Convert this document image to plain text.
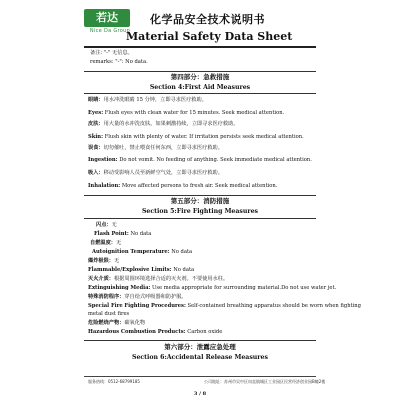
若达
Nice Da Group
化学品安全技术说明书
Material Safety Data Sheet
备注: "-" 无信息。
remarks: "-": No data.
第四部分：急救措施
Section 4:First Aid Measures
眼睛：用水冲洗眼睛 15 分钟，立即寻求医疗救助。
Eyes: Flush eyes with clean water for 15 minutes. Seek medical attention.
皮肤：用大量的水冲洗皮肤。如果刺激持续，立即寻求医疗救助。
Skin: Flush skin with plenty of water. If irritation persists seek medical attention.
误食：切勿催吐，禁止喂食任何东西，立即寻求医疗救助。
Ingestion: Do not vomit. No feeding of anything. Seek immediate medical attention.
吸入：移动受影响人员至新鲜空气处，立即寻求医疗救助。
Inhalation: Move affected persons to fresh air. Seek medical attention.
第五部分：消防措施
Section 5:Fire Fighting Measures
闪点：无
Flash Point: No data
自燃温度：无
Autoignition Temperature: No data
爆炸极限：无
Flammable/Explosive Limits: No data
灭火介质：根据周围环境选择合适的灭火剂。不要使用水柱。
Extinguishing Media: Use media appropriate for surrounding material.Do not use water jet.
特殊消防程序：穿自给式呼吸器和防护服。
Special Fire Fighting Procedures: Self-contained breathing apparatus should be worn when fighting
metal dust fires
危险燃烧产物：碳氧化物
Hazardous Combustion Products: Carbon oxide
第六部分：泄露应急处理
Section 6:Accidental Release Measures
服务热线：0512-68799185	公司地址：苏州市吴中区甪直镇城区工业园区民营经济创业园B幢2楼
3 / 8
